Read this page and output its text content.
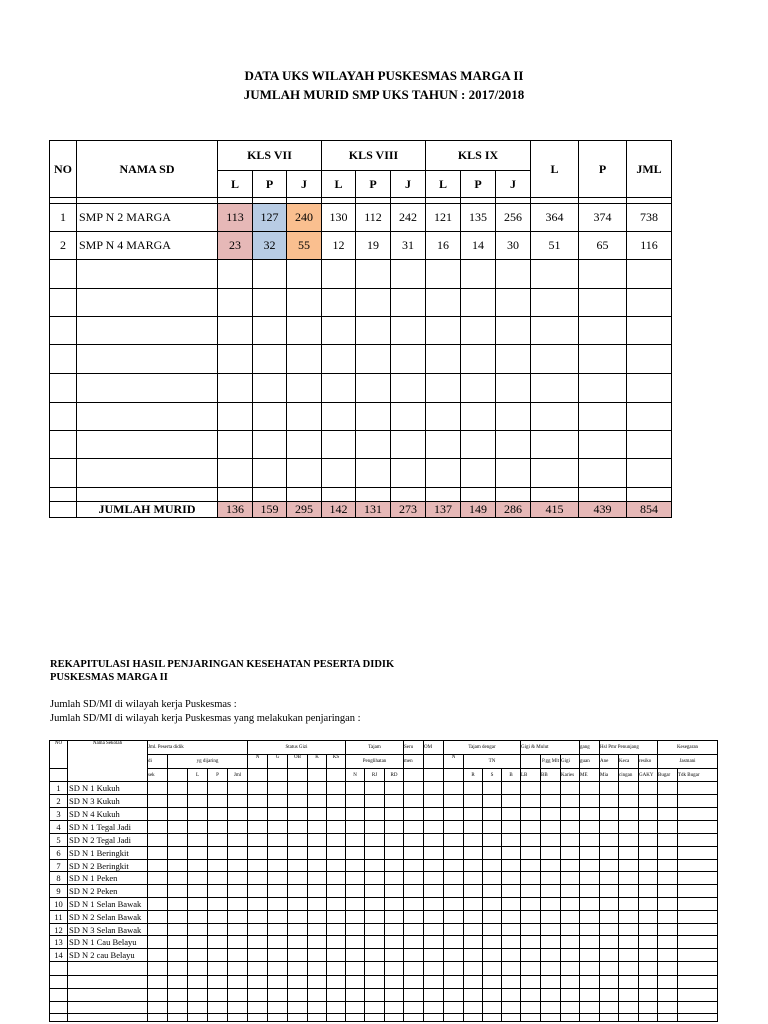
DATA UKS WILAYAH PUSKESMAS MARGA II
JUMLAH MURID SMP UKS TAHUN : 2017/2018
NO	NAMA SD	KLS VII			KLS VIII			KLS IX			L	P	JML
		L	P	J	L	P	J	L	P	J			

1	SMP N 2 MARGA	113	127	240	130	112	242	121	135	256	364	374	738
2	SMP N 4 MARGA	23	32	55	12	19	31	16	14	30	51	65	116

	JUMLAH MURID	136	159	295	142	131	273	137	149	286	415	439	854
REKAPITULASI HASIL PENJARINGAN KESEHATAN PESERTA DIDIK
PUSKESMAS MARGA II
Jumlah SD/MI di wilayah kerja Puskesmas :
Jumlah SD/MI di wilayah kerja Puskesmas yang melakukan penjaringan :
NO	Nama Sekolah	Jml. Peserta didik					Status Gizi					Tajam			Seru	OM	Tajam dengar				Gigi & Mulut			gang	Hsl Pmr Penunjang			Kesegaran	
		di	yg dijaring				N	G	OB	K	KS	Penglihatan			men		N	TN				P.gg Mlt	Gigi	guan	Ane	Keca	resiko	Jasmani	
		sek		L	P	Jml						N	RJ	RD				R	S	B	LB	BB	Karies	ME	Mia	cingan	GAKY	Bugar	Tdk Bugar
1	SD N 1 Kukuh																												
2	SD N 3 Kukuh																												
3	SD N 4 Kukuh																												
4	SD N 1 Tegal Jadi																												
5	SD N 2 Tegal Jadi																												
6	SD N 1 Beringkit																												
7	SD N 2 Beringkit																												
8	SD N 1 Peken																												
9	SD N 2 Peken																												
10	SD N 1 Selan Bawak																												
11	SD N 2 Selan Bawak																												
12	SD N 3 Selan Bawak																												
13	SD N 1 Cau Belayu																												
14	SD N 2 cau Belayu																												
